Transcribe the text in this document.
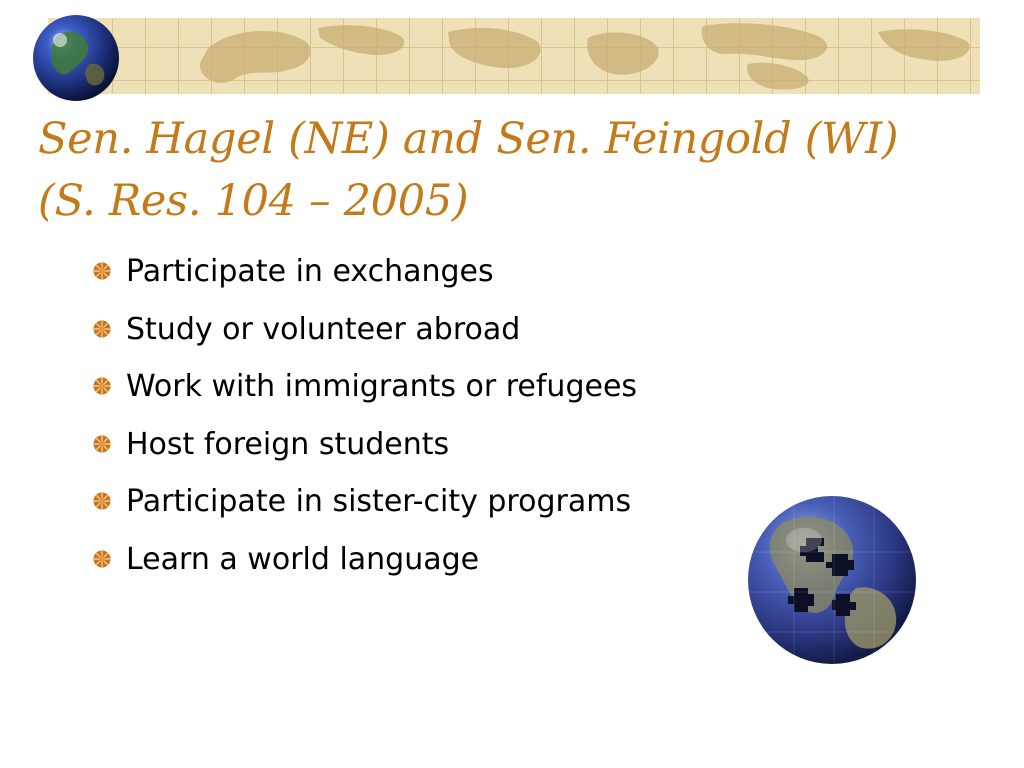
Sen. Hagel (NE) and Sen. Feingold (WI)
(S. Res. 104 – 2005)
Participate in exchanges
Study or volunteer abroad
Work with immigrants or refugees
Host foreign students
Participate in sister-city programs
Learn a world language
